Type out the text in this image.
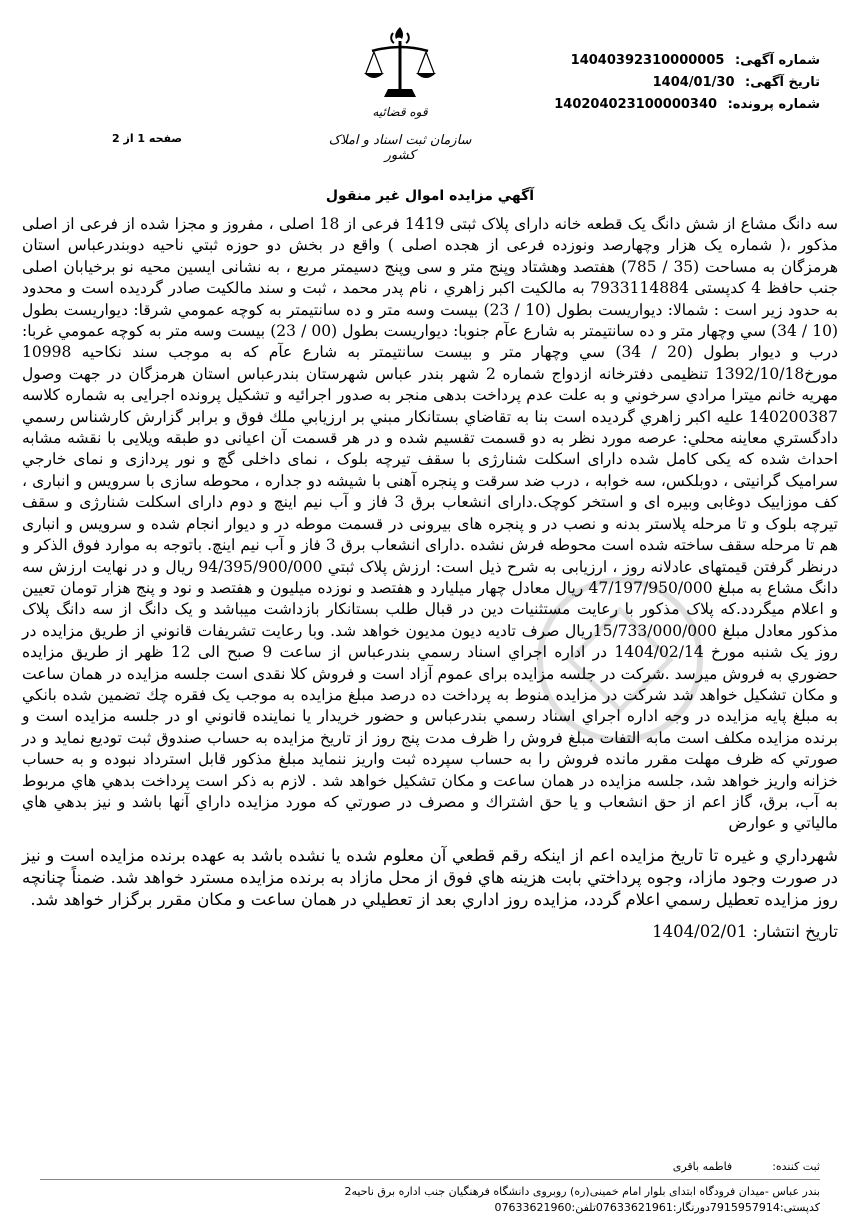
شماره آگهی: 14040392310000005
تاریخ آگهی: 1404/01/30
شماره پرونده: 140204023100000340
قوه قضائیه
سازمان ثبت اسناد و املاک کشور
صفحه 1 از 2
آگهي مزايده اموال غير منقول

سه دانگ مشاع از شش دانگ یک قطعه خانه دارای پلاک ثبتی 1419 فرعی از 18 اصلی ، مفروز و مجزا شده از فرعی از اصلی مذکور ،( شماره یک هزار وچهارصد ونوزده فرعی از هجده اصلی ) واقع در بخش دو حوزه ثبتي ناحيه دوبندرعباس استان هرمزگان به مساحت (35 / 785) هفتصد وهشتاد وپنج متر و سی وپنج دسیمتر مربع ، به نشانی ایسین محیه نو برخیابان اصلی جنب حافظ 4 کدپستی 7933114884 به مالکیت اکبر زاهري ، نام پدر محمد ، ثبت و سند مالکیت صادر گردیده است و محدود به حدود زیر است : شمالا: دیواریست بطول (10 / 23) بیست وسه متر و ده سانتیمتر به کوچه عمومي شرقا: دیواریست بطول (10 / 34) سي وچهار متر و ده سانتيمتر به شارع عآم جنوبا: دیواریست بطول (00 / 23) بیست وسه متر به کوچه عمومي غربا: درب و دیوار بطول (20 / 34) سي وچهار متر و بيست سانتيمتر به شارع عآم كه به موجب سند نكاحيه 10998 مورخ1392/10/18 تنظیمی دفترخانه ازدواج شماره 2 شهر بندر عباس شهرستان بندرعباس استان هرمزگان در جهت وصول مهریه خانم ميترا مرادي سرخوني و به علت عدم پرداخت بدهی منجر به صدور اجرائیه و تشکیل پرونده اجرایی به شماره كلاسه 140200387 علیه اکبر زاهري گرديده است بنا به تقاضاي بستانكار مبني بر ارزيابي ملك فوق و برابر گزارش كارشناس رسمي دادگستري معاينه محلي: عرصه مورد نظر به دو قسمت تقسیم شده و در هر قسمت آن اعیانی دو طبقه ویلایی با نقشه مشابه احداث شده كه یکی كامل شده دارای اسکلت شنارژی با سقف تیرچه بلوک ، نمای داخلی گچ و نور پردازی و نمای خارجي سرامیک گرانیتی ، دوبلکس، سه خوابه ، درب ضد سرقت و پنجره آهنی با شیشه دو جداره ، محوطه سازی با سرویس و انباری ، کف موزاییک دوغابی وبیره ای و استخر کوچک.دارای انشعاب برق 3 فاز و آب نیم اینچ و دوم دارای اسکلت شنارژی و سقف تیرچه بلوک و تا مرحله پلاستر بدنه و نصب در و پنجره های بیرونی در قسمت موطه در و دیوار انجام شده و سرویس و انباری هم تا مرحله سقف ساخته شده است محوطه فرش نشده .دارای انشعاب برق 3 فاز و آب نیم اینچ. باتوجه به موارد فوق الذكر و درنظر گرفتن قیمتهای عادلانه روز ، ارزیابی به شرح ذیل است: ارزش پلاک ثبتي 94/395/900/000 ریال و در نهایت ارزش سه دانگ مشاع به مبلغ 47/197/950/000 ریال معادل چهار میلیارد و هفتصد و نوزده میلیون و هفتصد و نود و پنج هزار تومان تعیین و اعلام میگردد.که پلاک مذكور با رعایت مستثنیات دین در قبال طلب بستانکار بازداشت میباشد و یک دانگ از سه دانگ پلاک مذكور معادل مبلغ 15/733/000/000ریال صرف تادیه دیون مدیون خواهد شد. وبا رعايت تشريفات قانوني از طريق مزايده در روز یک شنبه مورخ 1404/02/14 در اداره اجراي اسناد رسمي بندرعباس از ساعت 9 صبح الی 12 ظهر از طريق مزايده حضوري به فروش ميرسد .شرکت در جلسه مزایده برای عموم آزاد است و فروش كلا نقدی است جلسه مزایده در همان ساعت و مکان تشکیل خواهد شد شركت در مزايده منوط به پرداخت ده درصد مبلغ مزايده به موجب يک فقره چك تضمين شده بانكي به مبلغ پايه مزايده در وجه اداره اجراي اسناد رسمي بندرعباس و حضور خريدار يا نماينده قانوني او در جلسه مزايده است و برنده مزايده مكلف است مابه التفات مبلغ فروش را ظرف مدت پنج روز از تاريخ مزايده به حساب صندوق ثبت توديع نمايد و در صورتي كه ظرف مهلت مقرر مانده فروش را به حساب سپرده ثبت واريز ننمايد مبلغ مذكور قابل استرداد نبوده و به حساب خزانه واريز خواهد شد، جلسه مزايده در همان ساعت و مكان تشكيل خواهد شد . لازم به ذكر است پرداخت بدهي هاي مربوط به آب، برق، گاز اعم از حق انشعاب و يا حق اشتراك و مصرف در صورتي كه مورد مزايده داراي آنها باشد و نيز بدهي هاي مالياتي و عوارض

شهرداري و غيره تا تاريخ مزايده اعم از اينكه رقم قطعي آن معلوم شده يا نشده باشد به عهده برنده مزايده است و نيز در صورت وجود مازاد، وجوه پرداختي بابت هزينه هاي فوق از محل مازاد به برنده مزايده مسترد خواهد شد. ضمناً چنانچه روز مزايده تعطيل رسمي اعلام گردد، مزايده روز اداري بعد از تعطيلي در همان ساعت و مكان مقرر برگزار خواهد شد.

تاريخ انتشار: 1404/02/01

ثبت کننده:
فاطمه باقری
بندر عباس -ميدان فرودگاه ابتدای بلوار امام خمينی(ره) روبروی دانشگاه فرهنگيان جنب اداره برق ناحيه2
کدپستی:7915957914دورنگار:07633621961تلفن:07633621960
